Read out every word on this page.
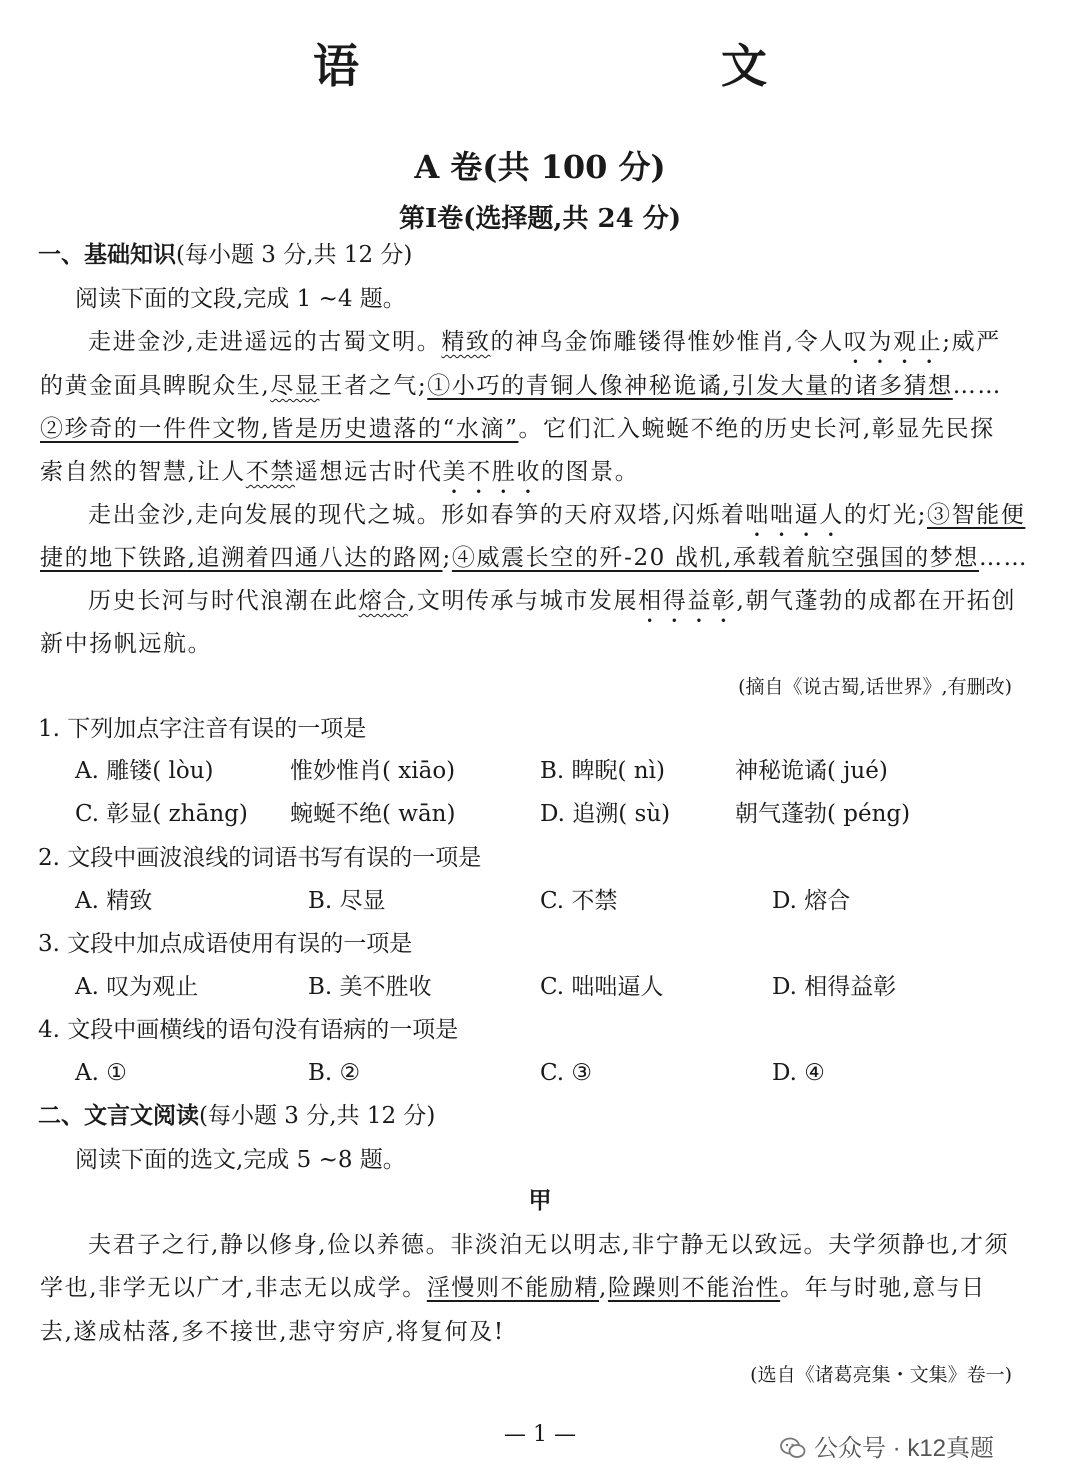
语　　文
A 卷(共 100 分)
第Ⅰ卷(选择题,共 24 分)
一、基础知识(每小题 3 分,共 12 分)
阅读下面的文段,完成 1 ~4 题。
走进金沙,走进遥远的古蜀文明。精致的神鸟金饰雕镂得惟妙惟肖,令人叹为观止;威严
的黄金面具睥睨众生,尽显王者之气;①小巧的青铜人像神秘诡谲,引发大量的诸多猜想……
②珍奇的一件件文物,皆是历史遗落的“水滴”。它们汇入蜿蜒不绝的历史长河,彰显先民探
索自然的智慧,让人不禁遥想远古时代美不胜收的图景。
走出金沙,走向发展的现代之城。形如春笋的天府双塔,闪烁着咄咄逼人的灯光;③智能便
捷的地下铁路,追溯着四通八达的路网;④威震长空的歼-20 战机,承载着航空强国的梦想……
历史长河与时代浪潮在此熔合,文明传承与城市发展相得益彰,朝气蓬勃的成都在开拓创
新中扬帆远航。
(摘自《说古蜀,话世界》,有删改)
1. 下列加点字注音有误的一项是
A. 雕镂( lòu)	惟妙惟肖( xiāo)	B. 睥睨( nì)	神秘诡谲( jué)
C. 彰显( zhāng) 蜿蜒不绝( wān)	D. 追溯( sù)	朝气蓬勃( péng)
2. 文段中画波浪线的词语书写有误的一项是
A. 精致	B. 尽显	C. 不禁	D. 熔合
3. 文段中加点成语使用有误的一项是
A. 叹为观止	B. 美不胜收	C. 咄咄逼人	D. 相得益彰
4. 文段中画横线的语句没有语病的一项是
A. ①	B. ②	C. ③	D. ④
二、文言文阅读(每小题 3 分,共 12 分)
阅读下面的选文,完成 5 ~8 题。
甲
夫君子之行,静以修身,俭以养德。非淡泊无以明志,非宁静无以致远。夫学须静也,才须
学也,非学无以广才,非志无以成学。淫慢则不能励精,险躁则不能治性。年与时驰,意与日
去,遂成枯落,多不接世,悲守穷庐,将复何及!
(选自《诸葛亮集・文集》卷一)
— 1 —
公众号 · k12真题
